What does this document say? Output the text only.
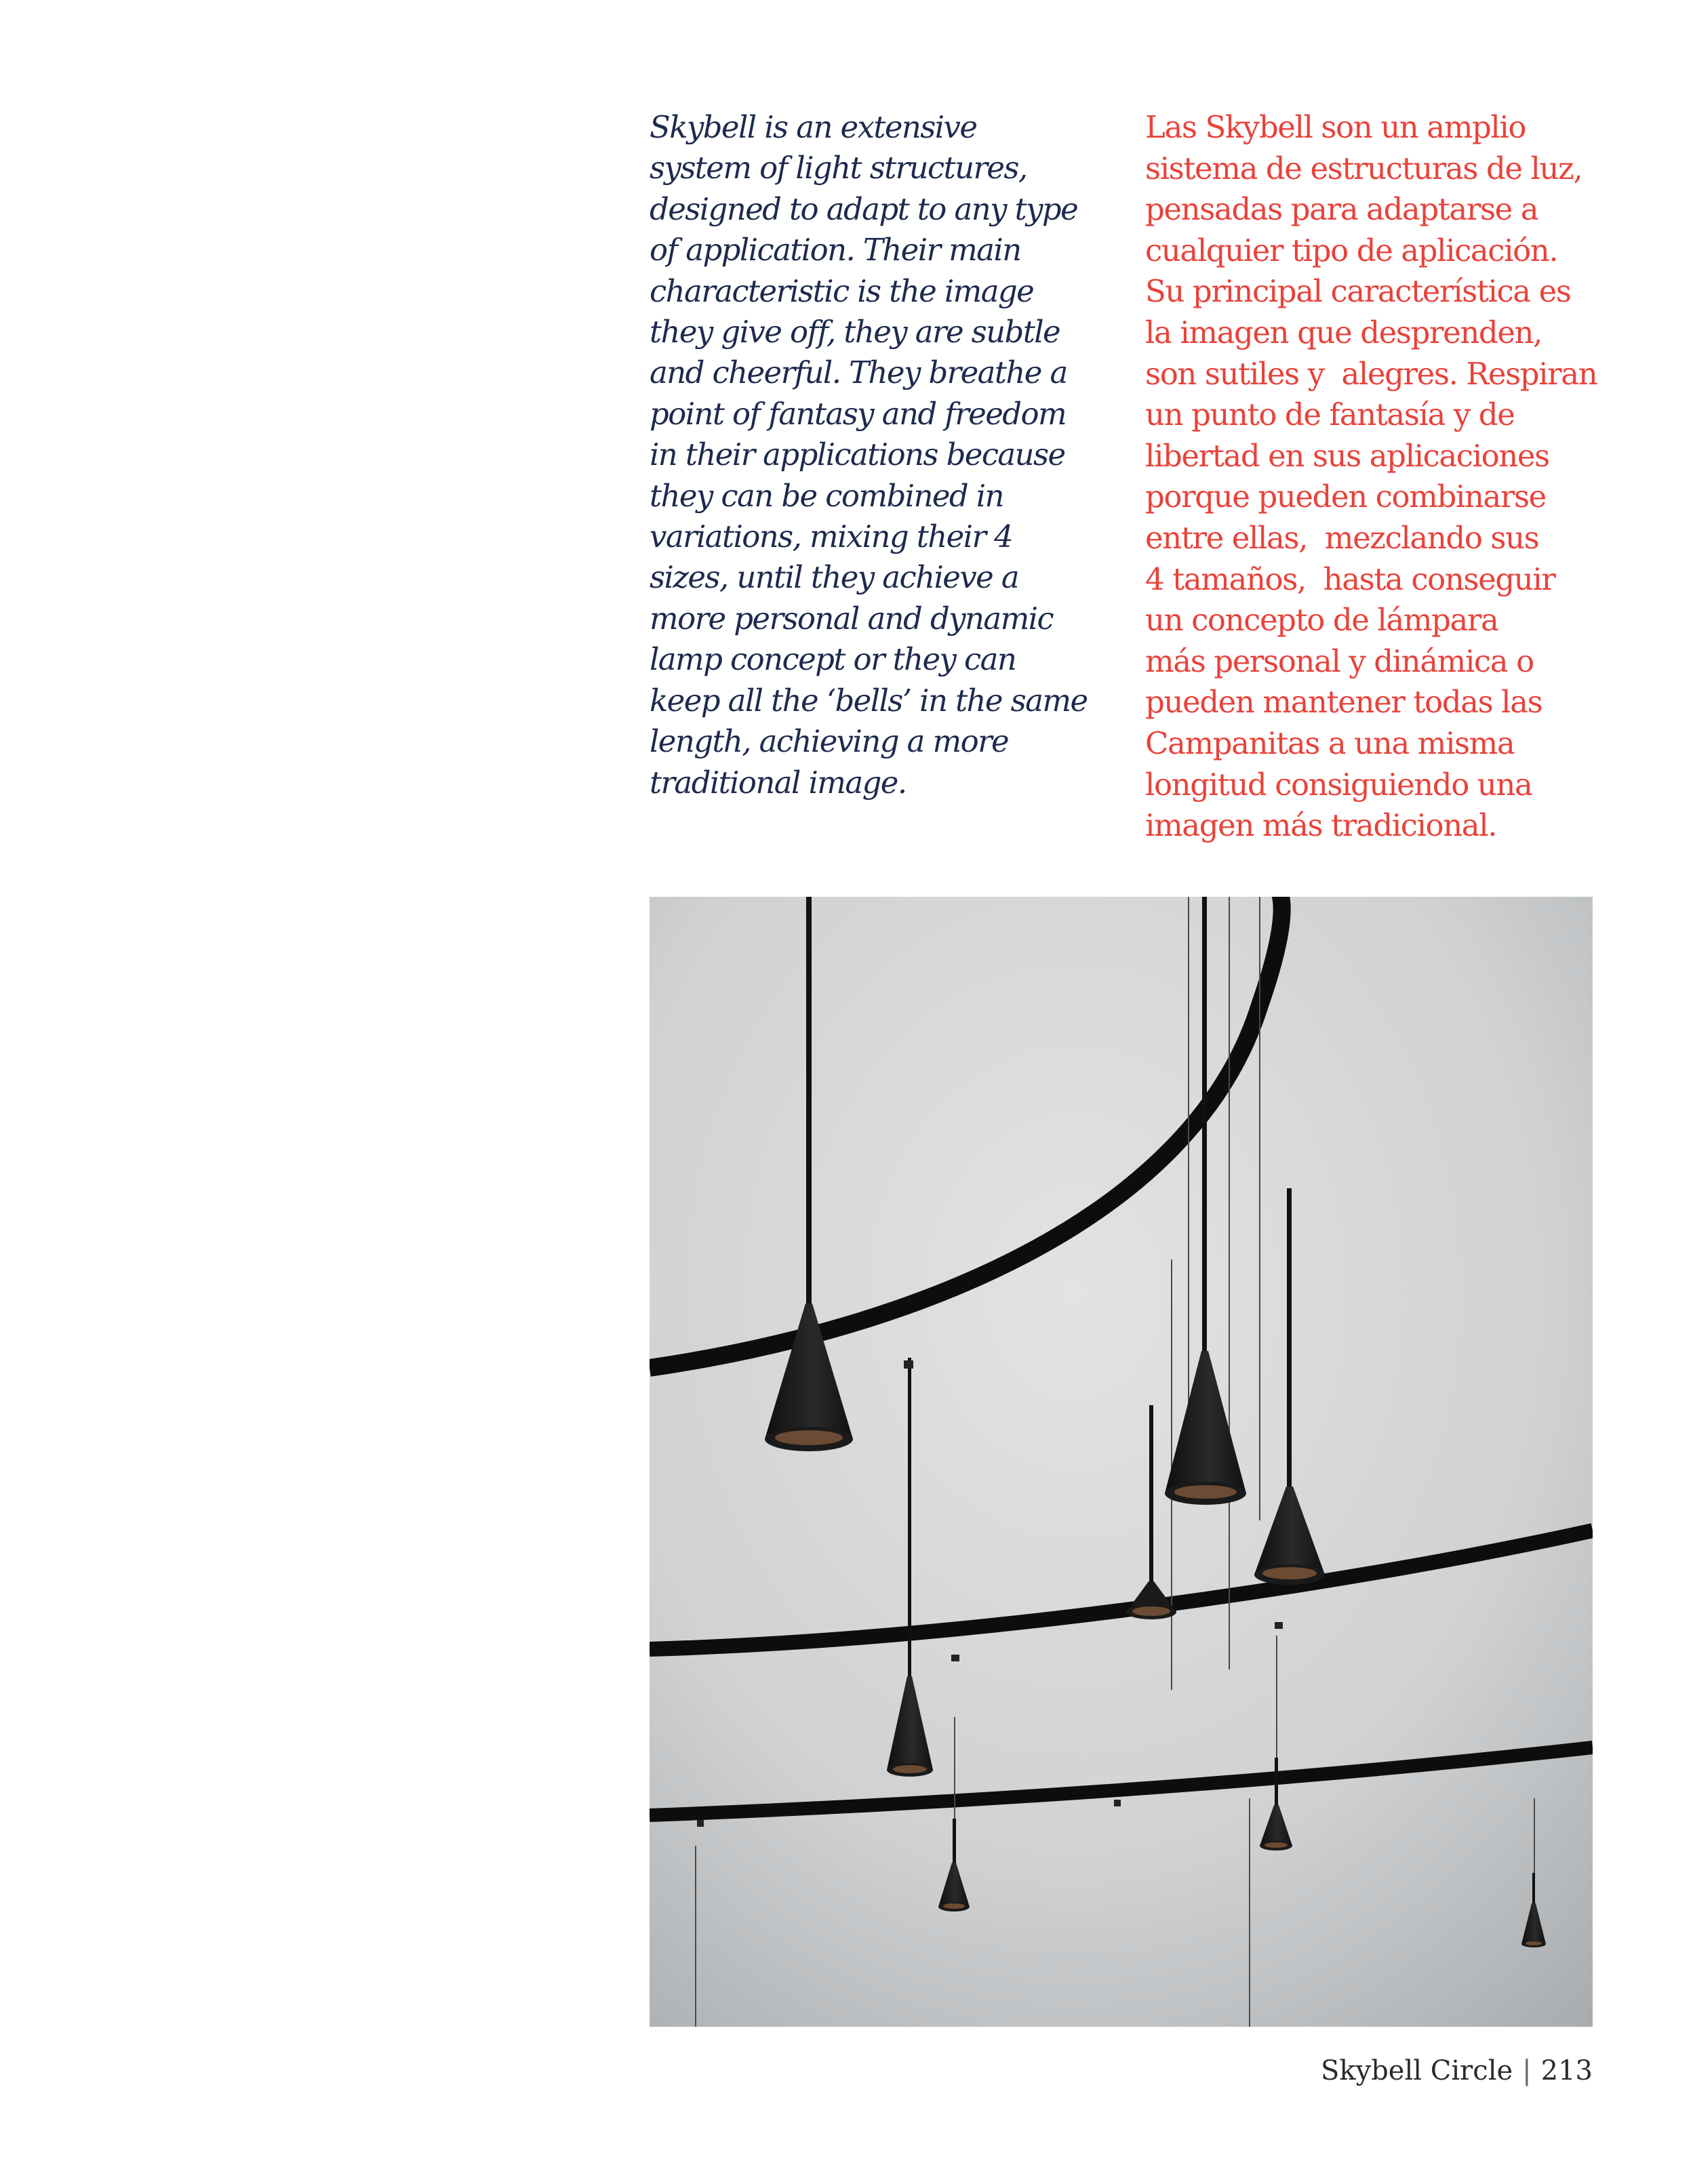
Skybell is an extensive
system of light structures,
designed to adapt to any type
of application. Their main
characteristic is the image
they give off, they are subtle
and cheerful. They breathe a
point of fantasy and freedom
in their applications because
they can be combined in
variations, mixing their 4
sizes, until they achieve a
more personal and dynamic
lamp concept or they can
keep all the ‘bells’ in the same
length, achieving a more
traditional image.
Las Skybell son un amplio
sistema de estructuras de luz,
pensadas para adaptarse a
cualquier tipo de aplicación.
Su principal característica es
la imagen que desprenden,
son sutiles y  alegres. Respiran
un punto de fantasía y de
libertad en sus aplicaciones
porque pueden combinarse
entre ellas,  mezclando sus
4 tamaños,  hasta conseguir
un concepto de lámpara
más personal y dinámica o
pueden mantener todas las
Campanitas a una misma
longitud consiguiendo una
imagen más tradicional.
Skybell Circle | 213
